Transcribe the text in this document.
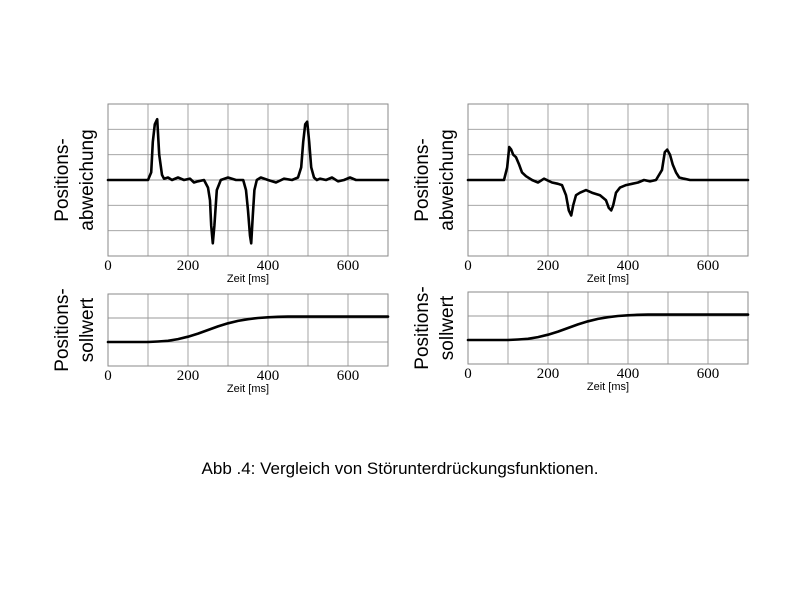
0	200	400	600
Zeit [ms]
Positions- abweichung
0	200	400	600
Zeit [ms]
Positions- abweichung
0	200	400	600
Zeit [ms]
Positions- sollwert
0	200	400	600
Zeit [ms]
Positions- sollwert
Abb .4: Vergleich von Störunterdrückungsfunktionen.
